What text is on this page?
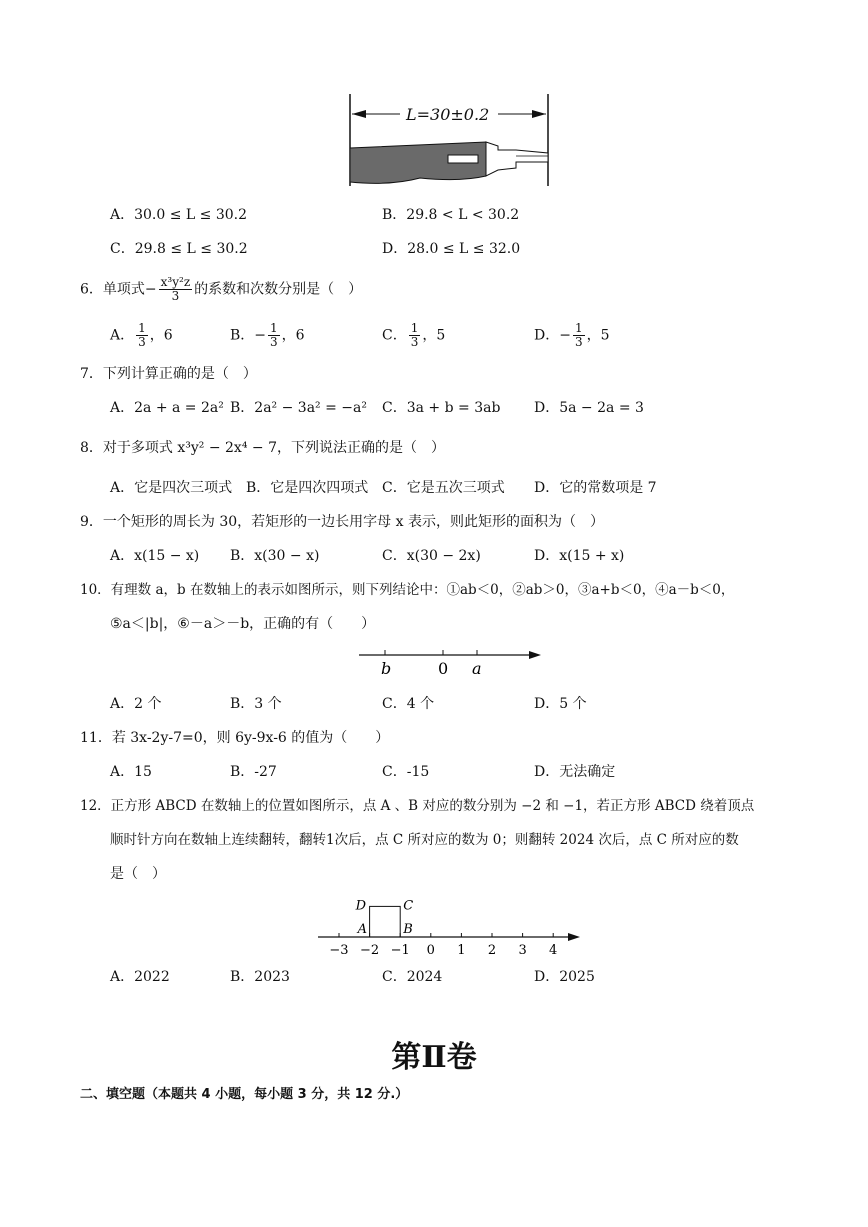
L=30±0.2
A．30.0 ≤ L ≤ 30.2	B．29.8 < L < 30.2
C．29.8 ≤ L ≤ 30.2	D．28.0 ≤ L ≤ 32.0
6．单项式− $\frac{\text{x³y²z}}{3}$ 的系数和次数分别是（　）
A． $\frac{1}{3}$ ，6	B．− $\frac{1}{3}$ ，6	C． $\frac{1}{3}$ ，5	D．− $\frac{1}{3}$ ，5
7．下列计算正确的是（　）
A．2a + a = 2a² B．2a² − 3a² = −a² C．3a + b = 3ab D．5a − 2a = 3
8．对于多项式 x³y² − 2x⁴ − 7，下列说法正确的是（　）
A．它是四次三项式 B．它是四次四项式 C．它是五次三项式 D．它的常数项是 7
9．一个矩形的周长为 30，若矩形的一边长用字母 x 表示，则此矩形的面积为（　）
A．x(15 − x) B．x(30 − x)	C．x(30 − 2x)	D．x(15 + x)
10．有理数 a，b 在数轴上的表示如图所示，则下列结论中：①ab＜0，②ab＞0，③a+b＜0，④a－b＜0，
⑤a＜|b|，⑥－a＞－b，正确的有（　　）
b	0 a
A．2 个	B．3 个	C．4 个	D．5 个
11．若 3x-2y-7=0，则 6y-9x-6 的值为（　　）
A．15	B．-27	C．-15	D．无法确定
12．正方形 ABCD 在数轴上的位置如图所示，点 A 、B 对应的数分别为 −2 和 −1，若正方形 ABCD 绕着顶点
顺时针方向在数轴上连续翻转，翻转1次后，点 C 所对应的数为 0；则翻转 2024 次后，点 C 所对应的数
是（　）
−3 −2 −1 0 1 2 3 4
D	C
A	B
A．2022	B．2023	C．2024	D．2025
第Ⅱ卷
二、填空题（本题共 4 小题，每小题 3 分，共 12 分.）
